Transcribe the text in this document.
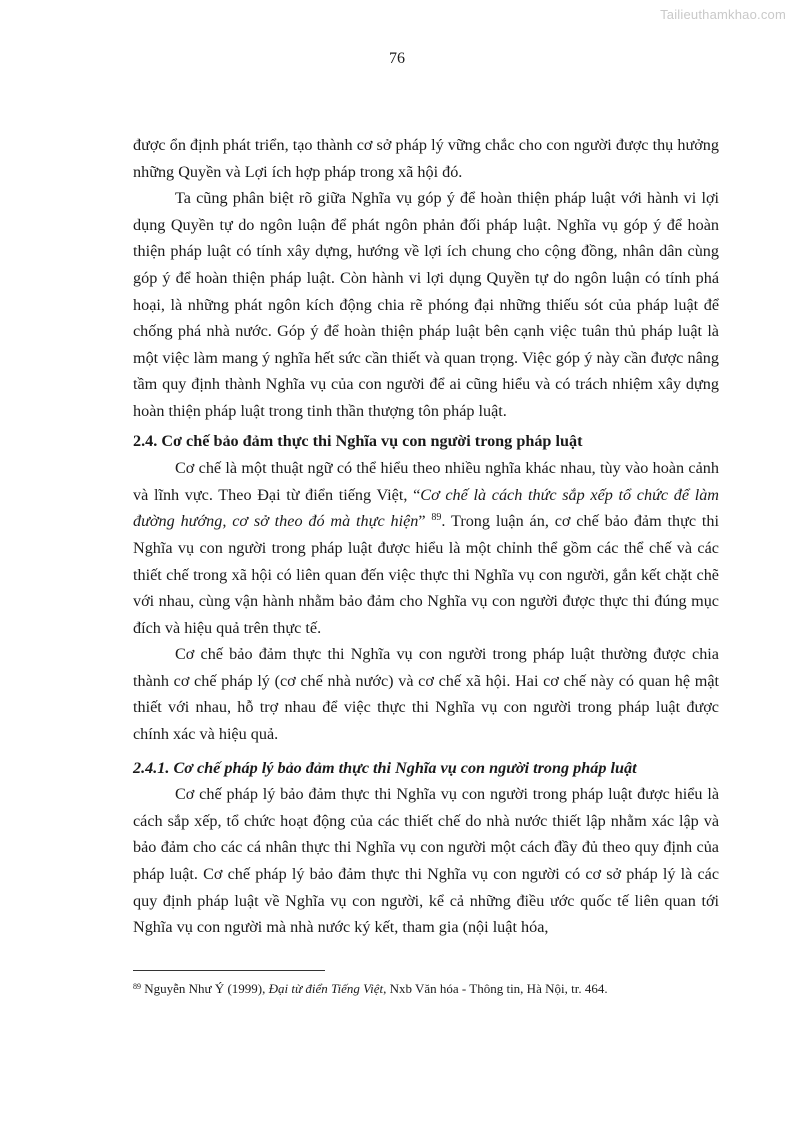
Tailieuthamkhao.com
76

được ổn định phát triển, tạo thành cơ sở pháp lý vững chắc cho con người được thụ hưởng những Quyền và Lợi ích hợp pháp trong xã hội đó.

Ta cũng phân biệt rõ giữa Nghĩa vụ góp ý để hoàn thiện pháp luật với hành vi lợi dụng Quyền tự do ngôn luận để phát ngôn phản đối pháp luật. Nghĩa vụ góp ý để hoàn thiện pháp luật có tính xây dựng, hướng về lợi ích chung cho cộng đồng, nhân dân cùng góp ý để hoàn thiện pháp luật. Còn hành vi lợi dụng Quyền tự do ngôn luận có tính phá hoại, là những phát ngôn kích động chia rẽ phóng đại những thiếu sót của pháp luật để chống phá nhà nước. Góp ý để hoàn thiện pháp luật bên cạnh việc tuân thủ pháp luật là một việc làm mang ý nghĩa hết sức cần thiết và quan trọng. Việc góp ý này cần được nâng tầm quy định thành Nghĩa vụ của con người để ai cũng hiểu và có trách nhiệm xây dựng hoàn thiện pháp luật trong tinh thần thượng tôn pháp luật.

2.4. Cơ chế bảo đảm thực thi Nghĩa vụ con người trong pháp luật

Cơ chế là một thuật ngữ có thể hiểu theo nhiều nghĩa khác nhau, tùy vào hoàn cảnh và lĩnh vực. Theo Đại từ điển tiếng Việt, “Cơ chế là cách thức sắp xếp tổ chức để làm đường hướng, cơ sở theo đó mà thực hiện” $^{89}$. Trong luận án, cơ chế bảo đảm thực thi Nghĩa vụ con người trong pháp luật được hiểu là một chỉnh thể gồm các thể chế và các thiết chế trong xã hội có liên quan đến việc thực thi Nghĩa vụ con người, gắn kết chặt chẽ với nhau, cùng vận hành nhằm bảo đảm cho Nghĩa vụ con người được thực thi đúng mục đích và hiệu quả trên thực tế.

Cơ chế bảo đảm thực thi Nghĩa vụ con người trong pháp luật thường được chia thành cơ chế pháp lý (cơ chế nhà nước) và cơ chế xã hội. Hai cơ chế này có quan hệ mật thiết với nhau, hỗ trợ nhau để việc thực thi Nghĩa vụ con người trong pháp luật được chính xác và hiệu quả.

2.4.1. Cơ chế pháp lý bảo đảm thực thi Nghĩa vụ con người trong pháp luật

Cơ chế pháp lý bảo đảm thực thi Nghĩa vụ con người trong pháp luật được hiểu là cách sắp xếp, tổ chức hoạt động của các thiết chế do nhà nước thiết lập nhằm xác lập và bảo đảm cho các cá nhân thực thi Nghĩa vụ con người một cách đầy đủ theo quy định của pháp luật. Cơ chế pháp lý bảo đảm thực thi Nghĩa vụ con người có cơ sở pháp lý là các quy định pháp luật về Nghĩa vụ con người, kể cả những điều ước quốc tế liên quan tới Nghĩa vụ con người mà nhà nước ký kết, tham gia (nội luật hóa,

$^{89}$ Nguyễn Như Ý (1999), Đại từ điển Tiếng Việt, Nxb Văn hóa - Thông tin, Hà Nội, tr. 464.
